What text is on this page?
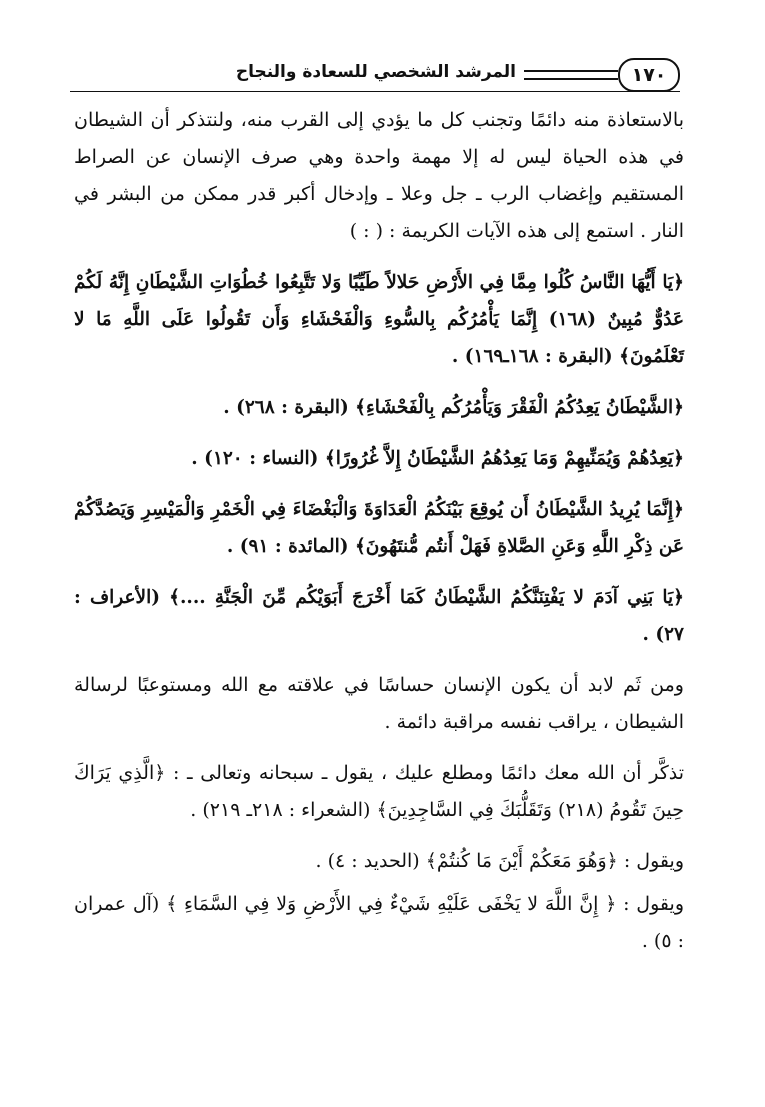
١٧٠
المرشد الشخصي للسعادة والنجاح

بالاستعاذة منه دائمًا وتجنب كل ما يؤدي إلى القرب منه، ولنتذكر أن الشيطان في هذه الحياة ليس له إلا مهمة واحدة وهي صرف الإنسان عن الصراط المستقيم وإغضاب الرب ـ جل وعلا ـ وإدخال أكبر قدر ممكن من البشر في النار . استمع إلى هذه الآيات الكريمة : ( : )

﴿يَا أَيُّهَا النَّاسُ كُلُوا مِمَّا فِي الأَرْضِ حَلالاً طَيِّبًا وَلا تَتَّبِعُوا خُطُوَاتِ الشَّيْطَانِ إِنَّهُ لَكُمْ عَدُوٌّ مُبِينٌ (١٦٨) إِنَّمَا يَأْمُرُكُم بِالسُّوءِ وَالْفَحْشَاءِ وَأَن تَقُولُوا عَلَى اللَّهِ مَا لا تَعْلَمُونَ﴾ (البقرة : ١٦٨ـ١٦٩) .

﴿الشَّيْطَانُ يَعِدُكُمُ الْفَقْرَ وَيَأْمُرُكُم بِالْفَحْشَاءِ﴾ (البقرة : ٢٦٨) .

﴿يَعِدُهُمْ وَيُمَنِّيهِمْ وَمَا يَعِدُهُمُ الشَّيْطَانُ إِلاَّ غُرُورًا﴾ (النساء : ١٢٠) .

﴿إِنَّمَا يُرِيدُ الشَّيْطَانُ أَن يُوقِعَ بَيْنَكُمُ الْعَدَاوَةَ وَالْبَغْضَاءَ فِي الْخَمْرِ وَالْمَيْسِرِ وَيَصُدَّكُمْ عَن ذِكْرِ اللَّهِ وَعَنِ الصَّلاةِ فَهَلْ أَنتُم مُّنتَهُونَ﴾ (المائدة : ٩١) .

﴿يَا بَنِي آدَمَ لا يَفْتِنَنَّكُمُ الشَّيْطَانُ كَمَا أَخْرَجَ أَبَوَيْكُم مِّنَ الْجَنَّةِ ....﴾ (الأعراف : ٢٧) .

ومن ثَم لابد أن يكون الإنسان حساسًا في علاقته مع الله ومستوعبًا لرسالة الشيطان ، يراقب نفسه مراقبة دائمة .

تذكَّر أن الله معك دائمًا ومطلع عليك ، يقول ـ سبحانه وتعالى ـ : ﴿الَّذِي يَرَاكَ حِينَ تَقُومُ (٢١٨) وَتَقَلُّبَكَ فِي السَّاجِدِينَ﴾ (الشعراء : ٢١٨ـ ٢١٩) .

ويقول : ﴿وَهُوَ مَعَكُمْ أَيْنَ مَا كُنتُمْ﴾ (الحديد : ٤) .

ويقول : ﴿ إِنَّ اللَّهَ لا يَخْفَى عَلَيْهِ شَيْءٌ فِي الأَرْضِ وَلا فِي السَّمَاءِ ﴾ (آل عمران : ٥) .
